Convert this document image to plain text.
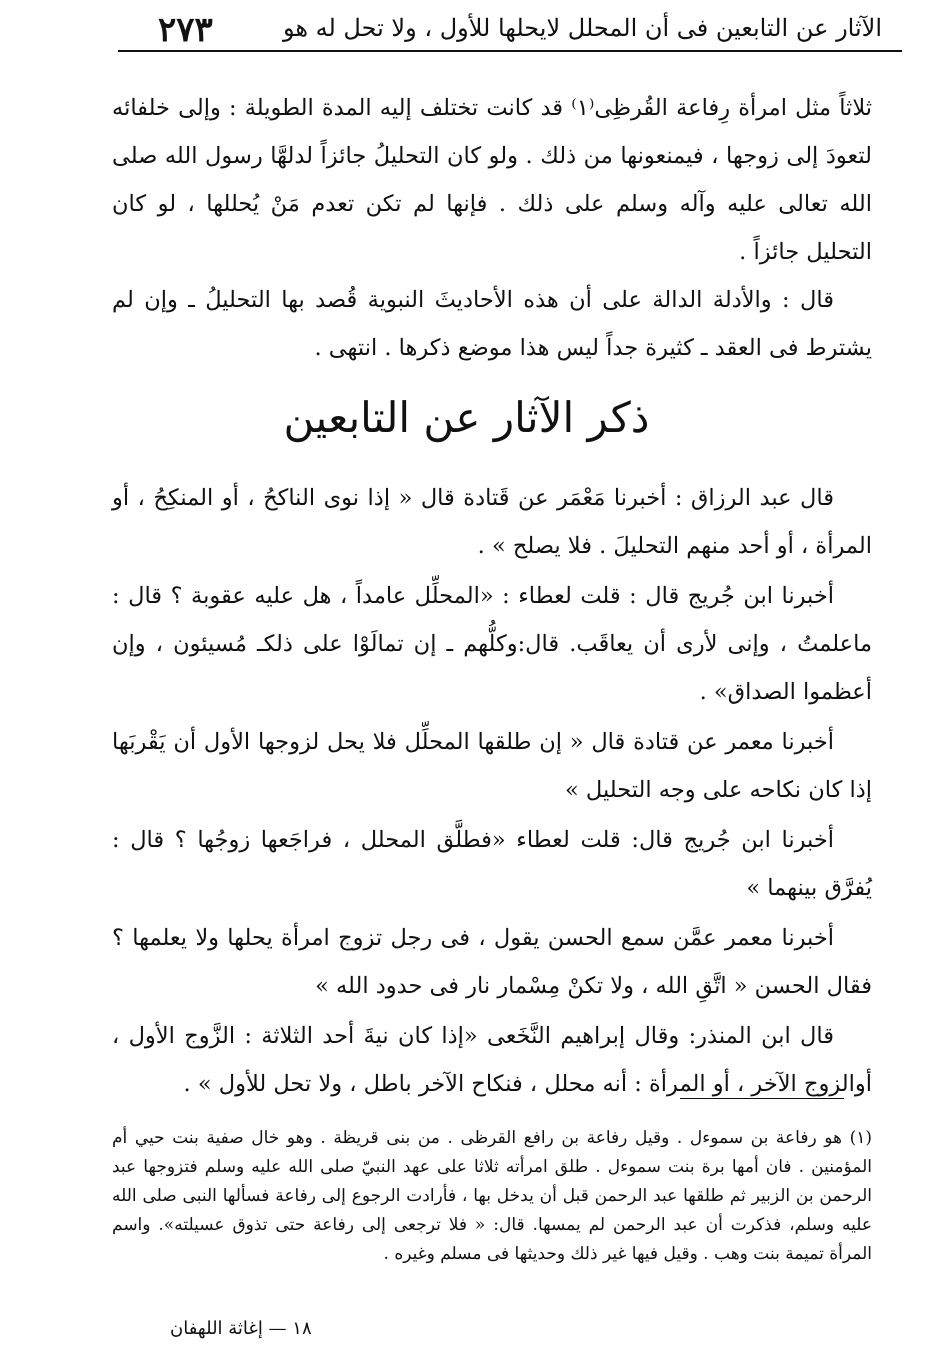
الآثار عن التابعين فى أن المحلل لايحلها للأول ، ولا تحل له هو
٢٧٣

ثلاثاً مثل امرأة رِفاعة القُرظِى⁽١⁾ قد كانت تختلف إليه المدة الطويلة : وإلى خلفائه لتعودَ إلى زوجها ، فيمنعونها من ذلك . ولو كان التحليلُ جائزاً لدلهَّا رسول الله صلى الله تعالى عليه وآله وسلم على ذلك . فإنها لم تكن تعدم مَنْ يُحللها ، لو كان التحليل جائزاً .

قال : والأدلة الدالة على أن هذه الأحاديثَ النبوية قُصد بها التحليلُ ـ وإن لم يشترط فى العقد ـ كثيرة جداً ليس هذا موضع ذكرها . انتهى .

ذكر الآثار عن التابعين

قال عبد الرزاق : أخبرنا مَعْمَر عن قَتادة قال « إذا نوى الناكحُ ، أو المنكِحُ ، أو المرأة ، أو أحد منهم التحليلَ . فلا يصلح » .

أخبرنا ابن جُريج قال : قلت لعطاء : «المحلِّل عامداً ، هل عليه عقوبة ؟ قال : ماعلمتُ ، وإنى لأرى أن يعاقَب. قال:وكلُّهم ـ إن تمالَوْا على ذلكـ مُسيئون ، وإن أعظموا الصداق» .

أخبرنا معمر عن قتادة قال « إن طلقها المحلِّل فلا يحل لزوجها الأول أن يَقْربَها إذا كان نكاحه على وجه التحليل »

أخبرنا ابن جُريج قال: قلت لعطاء «فطلَّق المحلل ، فراجَعها زوجُها ؟ قال : يُفرَّق بينهما »

أخبرنا معمر عمَّن سمع الحسن يقول ، فى رجل تزوج امرأة يحلها ولا يعلمها ؟ فقال الحسن « اتَّقِ الله ، ولا تكنْ مِسْمار نار فى حدود الله »

قال ابن المنذر: وقال إبراهيم النَّخَعى «إذا كان نيةَ أحد الثلاثة : الزَّوج الأول ، أوالزوج الآخر ، أو المرأة : أنه محلل ، فنكاح الآخر باطل ، ولا تحل للأول » .

(١) هو رفاعة بن سموءل . وقيل رفاعة بن رافع القرظى . من بنى قريظة . وهو خال صفية بنت حيي أم المؤمنين . فان أمها برة بنت سموءل . طلق امرأته ثلاثا على عهد النبيّ صلى الله عليه وسلم فتزوجها عبد الرحمن بن الزبير ثم طلقها عبد الرحمن قبل أن يدخل بها ، فأرادت الرجوع إلى رفاعة فسألها النبى صلى الله عليه وسلم، فذكرت أن عبد الرحمن لم يمسها. قال: « فلا ترجعى إلى رفاعة حتى تذوق عسيلته». واسم المرأة تميمة بنت وهب . وقيل فيها غير ذلك وحديثها فى مسلم وغيره .

١٨ — إغاثة اللهفان
